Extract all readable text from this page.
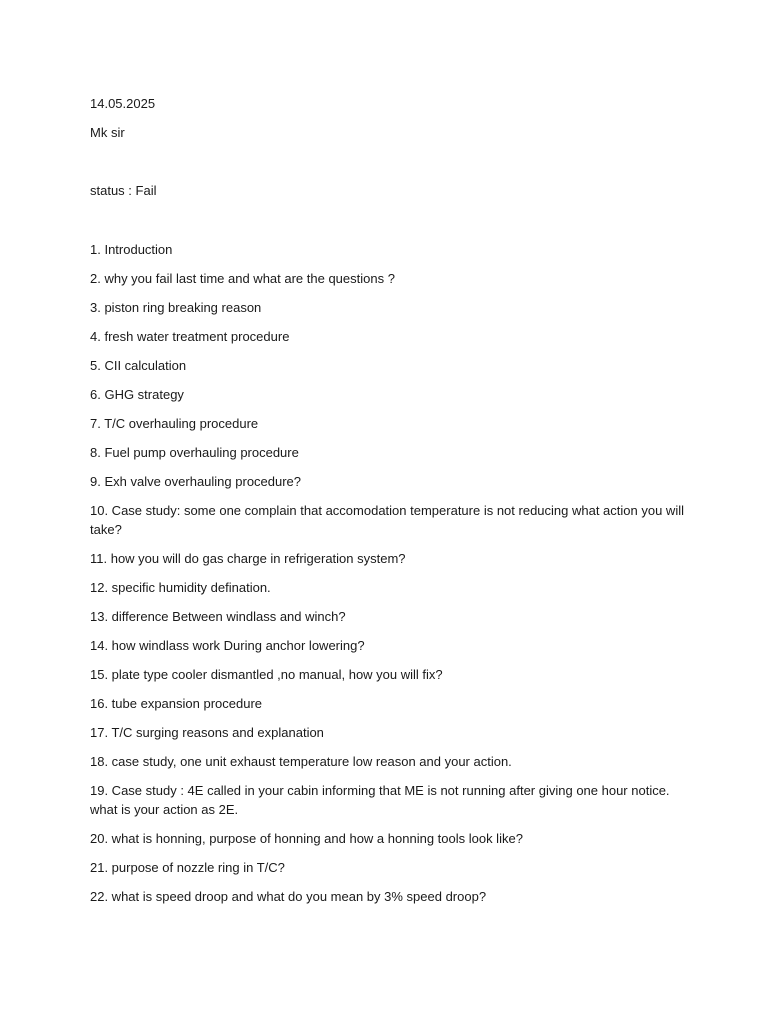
14.05.2025

Mk sir

status : Fail

1. Introduction
2. why you fail last time and what are the questions ?
3. piston ring breaking reason
4. fresh water treatment procedure
5. CII calculation
6. GHG strategy
7. T/C overhauling procedure
8. Fuel pump overhauling procedure
9. Exh valve overhauling procedure?
10. Case study: some one complain that accomodation temperature is not reducing what action you will take?
11. how you will do gas charge in refrigeration system?
12. specific humidity defination.
13. difference Between windlass and winch?
14. how windlass work During anchor lowering?
15. plate type cooler dismantled ,no manual, how you will fix?
16. tube expansion procedure
17. T/C surging reasons and explanation
18. case study, one unit exhaust temperature low reason and your action.
19. Case study : 4E called in your cabin informing that ME is not running after giving one hour notice. what is your action as 2E.
20. what is honning, purpose of honning and how a honning tools look like?
21. purpose of nozzle ring in T/C?
22. what is speed droop and what do you mean by 3% speed droop?
